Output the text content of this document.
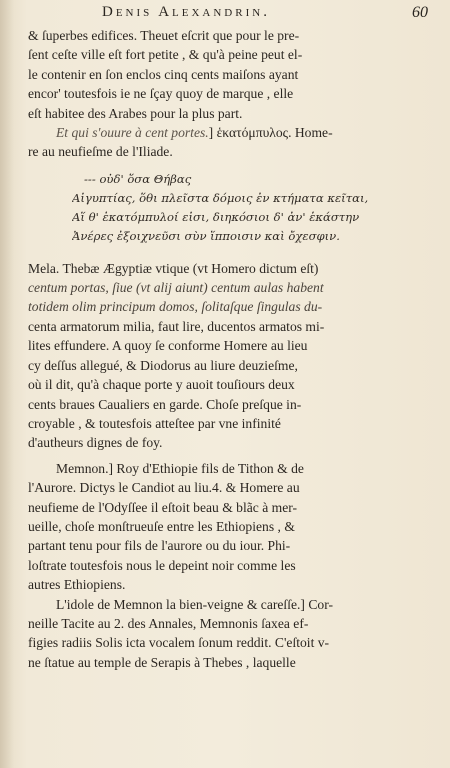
Denis Alexandrin.	60
& ſuperbes edifices. Theuet eſcrit que pour le pre-
ſent ceſte ville eſt fort petite , & qu'à peine peut el-
le contenir en ſon enclos cinq cents maiſons ayant
encor' toutesfois ie ne ſçay quoy de marque , elle
eſt habitee des Arabes pour la plus part.
Et qui s'ouure à cent portes.] ἑκατόμπυλος. Home-
re au neufieſme de l'Iliade.
--- οὐδ' ὅσα Θήβας
Αἰγυπτίας, ὅθι πλεῖστα δόμοις ἐν κτήματα κεῖται,
Αἵ θ' ἑκατόμπυλοί εἰσι, διηκόσιοι δ' ἀν' ἑκάστην
Ἀνέρες ἐξοιχνεῦσι σὺν ἵπποισιν καὶ ὄχεσφιν.
Mela. Thebæ Ægyptiæ vtique (vt Homero dictum eſt)
centum portas, ſiue (vt alij aiunt) centum aulas habent
totidem olim principum domos, ſolitaſque ſingulas du-
centa armatorum milia, faut lire, ducentos armatos mi-
lites effundere. A quoy ſe conforme Homere au lieu
cy deſſus allegué, & Diodorus au liure deuzieſme,
où il dit, qu'à chaque porte y auoit touſiours deux
cents braues Caualiers en garde. Choſe preſque in-
croyable , & toutesfois atteſtee par vne infinité
d'autheurs dignes de foy.
Memnon.] Roy d'Ethiopie fils de Tithon & de
l'Aurore. Dictys le Candiot au liu.4. & Homere au
neufieme de l'Odyſſee il eſtoit beau & blãc à mer-
ueille, choſe monſtrueuſe entre les Ethiopiens , &
partant tenu pour fils de l'aurore ou du iour. Phi-
loſtrate toutesfois nous le depeint noir comme les
autres Ethiopiens.
L'idole de Memnon la bien-veigne & careſſe.] Cor-
neille Tacite au 2. des Annales, Memnonis ſaxea ef-
figies radiis Solis icta vocalem ſonum reddit. C'eſtoit v-
ne ſtatue au temple de Serapis à Thebes , laquelle
